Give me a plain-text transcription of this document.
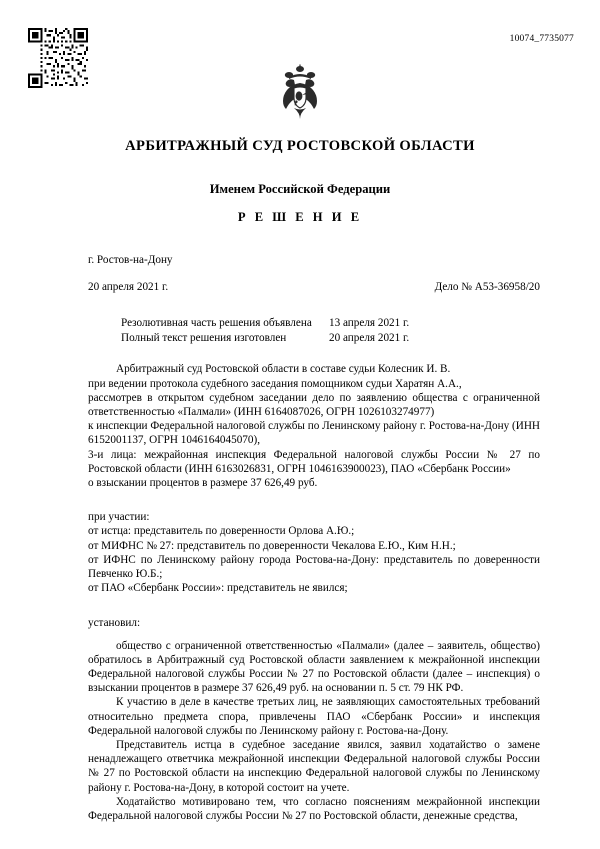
10074_7735077
АРБИТРАЖНЫЙ СУД РОСТОВСКОЙ ОБЛАСТИ
Именем Российской Федерации
Р Е Ш Е Н И Е
г. Ростов-на-Дону
20 апреля 2021 г.	Дело № А53-36958/20
Резолютивная часть решения объявлена	13 апреля 2021 г.
Полный текст решения изготовлен	20 апреля 2021 г.

Арбитражный суд Ростовской области в составе судьи Колесник И. В.

при ведении протокола судебного заседания помощником судьи Харатян А.А.,

рассмотрев в открытом судебном заседании дело по заявлению общества с ограниченной ответственностью «Палмали» (ИНН 6164087026, ОГРН 1026103274977)

к инспекции Федеральной налоговой службы по Ленинскому району г. Ростова-на-Дону (ИНН 6152001137, ОГРН 1046164045070),

3-и лица: межрайонная инспекция Федеральной налоговой службы России № 27 по Ростовской области (ИНН 6163026831, ОГРН 1046163900023), ПАО «Сбербанк России»

о взыскании процентов в размере 37 626,49 руб.

при участии:

от истца: представитель по доверенности Орлова А.Ю.;

от МИФНС № 27: представитель по доверенности Чекалова Е.Ю., Ким Н.Н.;

от ИФНС по Ленинскому району города Ростова-на-Дону: представитель по доверенности Певченко Ю.Б.;

от ПАО «Сбербанк России»: представитель не явился;

установил:

общество с ограниченной ответственностью «Палмали» (далее – заявитель, общество) обратилось в Арбитражный суд Ростовской области заявлением к межрайонной инспекции Федеральной налоговой службы России № 27 по Ростовской области (далее – инспекция) о взыскании процентов в размере 37 626,49 руб. на основании п. 5 ст. 79 НК РФ.

К участию в деле в качестве третьих лиц, не заявляющих самостоятельных требований относительно предмета спора, привлечены ПАО «Сбербанк России» и инспекция Федеральной налоговой службы по Ленинскому району г. Ростова-на-Дону.

Представитель истца в судебное заседание явился, заявил ходатайство о замене ненадлежащего ответчика межрайонной инспекции Федеральной налоговой службы России № 27 по Ростовской области на инспекцию Федеральной налоговой службы по Ленинскому району г. Ростова-на-Дону, в которой состоит на учете.

Ходатайство мотивировано тем, что согласно пояснениям межрайонной инспекции Федеральной налоговой службы России № 27 по Ростовской области, денежные средства,
